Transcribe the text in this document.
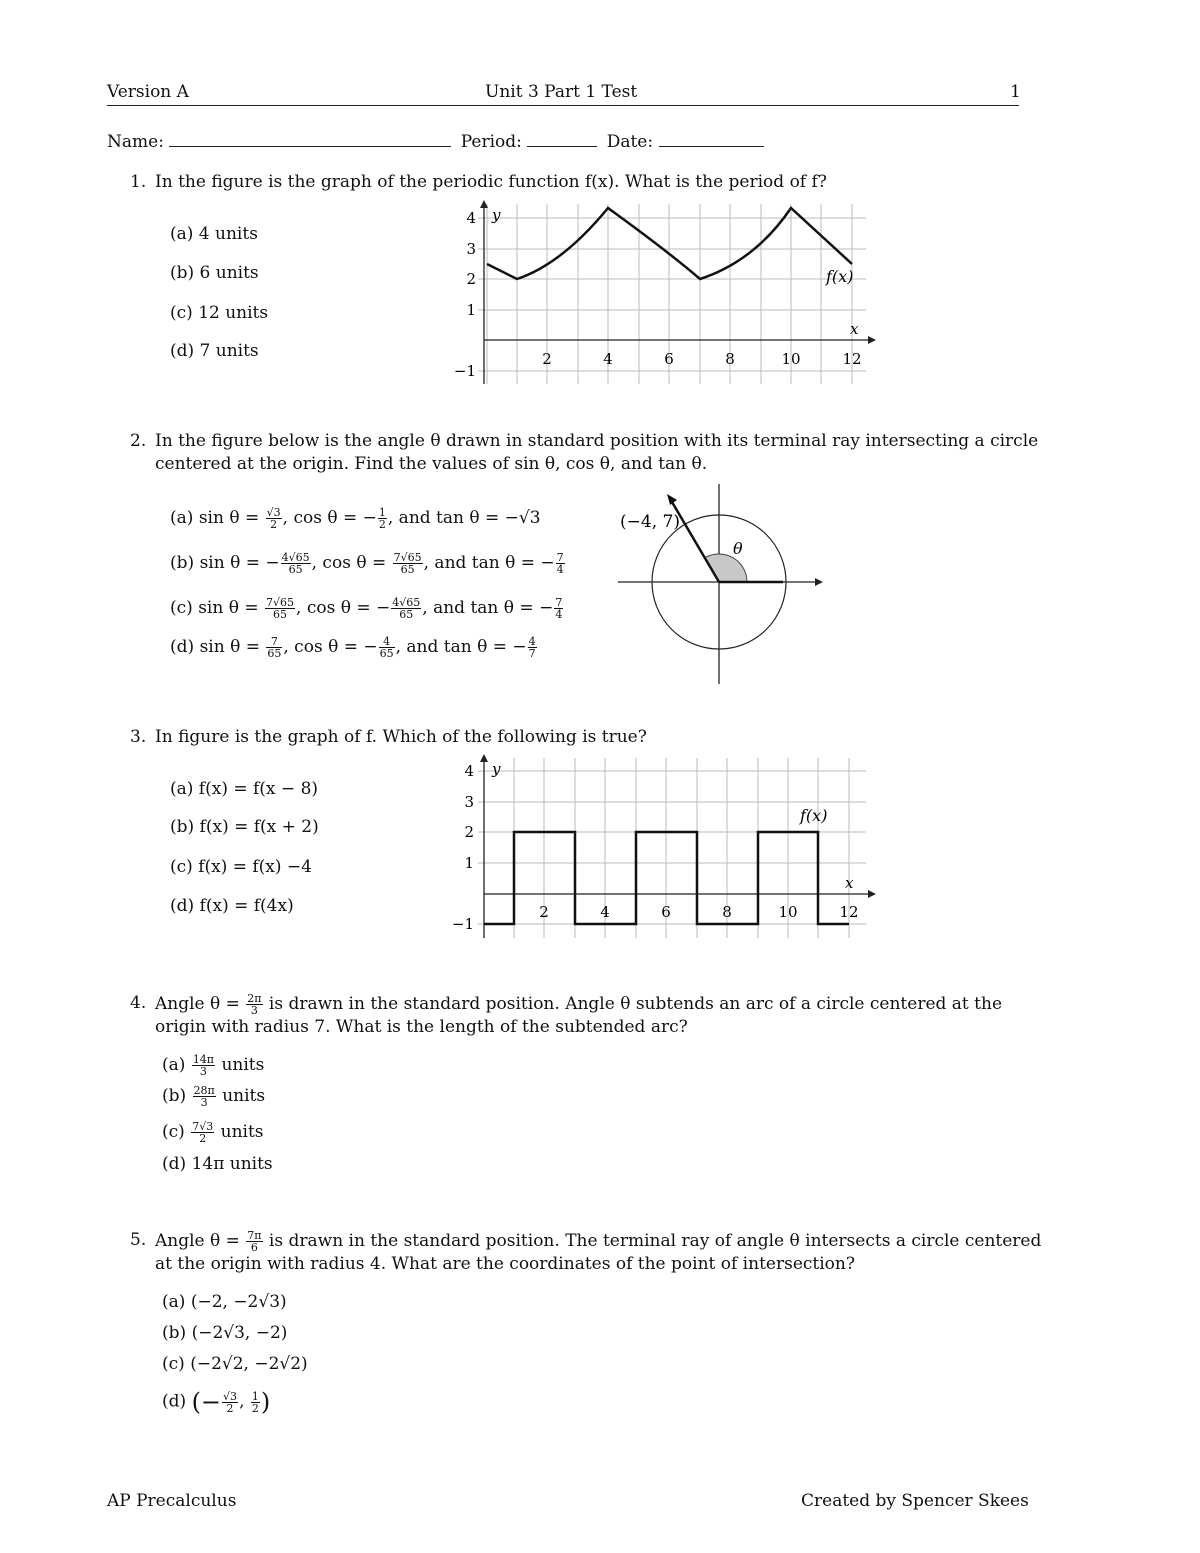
Version A	Unit 3 Part 1 Test	1
Name:	Period:	Date:
1. In the figure is the graph of the periodic function f(x). What is the period of f?
(a) 4 units
(b) 6 units
(c) 12 units
(d) 7 units
y
x
f(x)
4
3
2
1
−1
2	4	6	8	10	12
2. In the figure below is the angle θ drawn in standard position with its terminal ray intersecting a circle
centered at the origin. Find the values of sin θ, cos θ, and tan θ.
(a) $\sin \theta = \frac{√3}{2}$ , cos θ = − $\frac{1}{2}$ , and tan θ = −√3
(b) sin θ = − $\frac{4√65}{65}$ , $\cos \theta = \frac{7√65}{65}$ , and tan θ = − $\frac{7}{4}$
(c) $\sin \theta = \frac{7√65}{65}$ , cos θ = − $\frac{4√65}{65}$ , and tan θ = − $\frac{7}{4}$
(d) $\sin \theta = \frac{7}{65}$ , cos θ = − $\frac{4}{65}$ , and tan θ = − $\frac{4}{7}$
(−4, 7)
θ
3. In figure is the graph of f. Which of the following is true?
(a) f(x) = f(x − 8)
(b) f(x) = f(x + 2)
(c) f(x) = f(x) −4
(d) f(x) = f(4x)
y
x
f(x)
4
3
2
1
−1
2	4	6	8	10	12
4. Angle $\theta = \frac{2\pi}{3}$ is drawn in the standard position. Angle θ subtends an arc of a circle centered at the
origin with radius 7. What is the length of the subtended arc?
$(a) \frac{14\pi}{3}$ units
$(b) \frac{28\pi}{3}$ units
$(c) \frac{7√3}{2}$ units
(d) 14π units
5. Angle $\theta = \frac{7\pi}{6}$ is drawn in the standard position. The terminal ray of angle θ intersects a circle centered
at the origin with radius 4. What are the coordinates of the point of intersection?
(a) (−2, −2√3)
(b) (−2√3, −2)
(c) (−2√2, −2√2)
(d) (− $\frac{√3}{2}$ , $\frac{1}{2}$ )
AP Precalculus	Created by Spencer Skees
